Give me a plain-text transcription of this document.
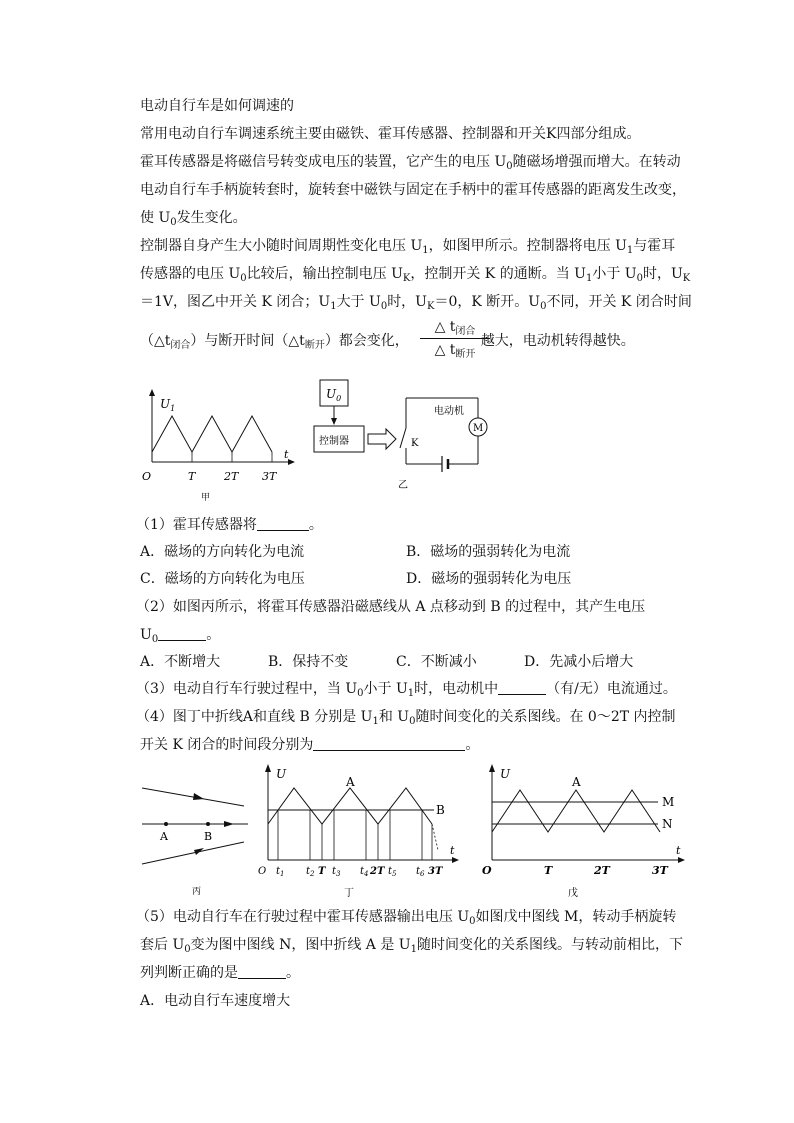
电动自行车是如何调速的
常用电动自行车调速系统主要由磁铁、霍耳传感器、控制器和开关K四部分组成。
霍耳传感器是将磁信号转变成电压的装置，它产生的电压 $U_0$随磁场增强而增大。在转动
电动自行车手柄旋转套时，旋转套中磁铁与固定在手柄中的霍耳传感器的距离发生改变，
使 $U_0$发生变化。
控制器自身产生大小随时间周期性变化电压 $U_1$，如图甲所示。控制器将电压 $U_1$与霍耳
传感器的电压 $U_0$比较后，输出控制电压 $U_K$，控制开关 K 的通断。当 $U_1$小于 $U_0$时，$U_K$
＝1V，图乙中开关 K 闭合；$U_1$大于 $U_0$时，$U_K=0$，K 断开。$U_0$不同，开关 K 闭合时间
$(\triangle t_{闭合})$与断开时间$(\triangle t_{断开})$都会变化，	越大，电动机转得越快。
△ $t_{闭合}$
△ $t_{断开}$
$U_1$
t
O	T	2T 3T
甲
$U_0$
控制器
M
电动机
K
乙
（1）霍耳传感器将	。
A．磁场的方向转化为电流	B．磁场的强弱转化为电流
C．磁场的方向转化为电压	D．磁场的强弱转化为电压
（2）如图丙所示，将霍耳传感器沿磁感线从 A 点移动到 B 的过程中，其产生电压
$U_0$	。
A．不断增大	B．保持不变	C．不断减小	D．先减小后增大
（3）电动自行车行驶过程中，当 $U_0$小于 $U_1$时，电动机中	（有/无）电流通过。
（4）图丁中折线A和直线 B 分别是 $U_1$和 $U_0$随时间变化的关系图线。在 0～2T 内控制
开关 K 闭合的时间段分别为	。
A	B
丙
U
t
A
B
O $t_1$ $t_2$ T $t_3$ $t_4$ 2T $t_5$ $t_6$ 3T
丁
U
t
A
M
N
O	T	2T	3T
戊
（5）电动自行车在行驶过程中霍耳传感器输出电压 $U_0$如图戊中图线 M，转动手柄旋转
套后 $U_0$变为图中图线 N，图中折线 A 是 $U_1$随时间变化的关系图线。与转动前相比，下
列判断正确的是	。
A．电动自行车速度增大
